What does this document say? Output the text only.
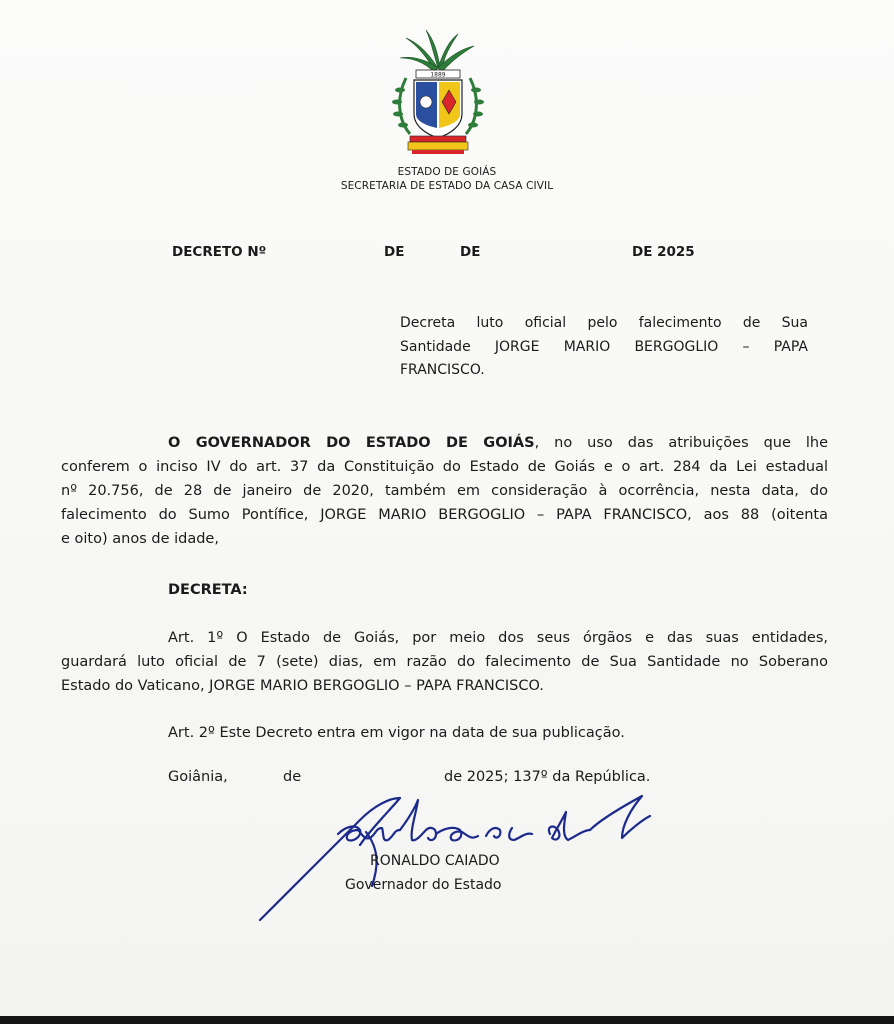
1889
ESTADO DE GOIÁS
SECRETARIA DE ESTADO DA CASA CIVIL
DECRETO Nº	DE	DE	DE 2025
Decreta luto oficial pelo falecimento de Sua
Santidade JORGE MARIO BERGOGLIO – PAPA
FRANCISCO.
O GOVERNADOR DO ESTADO DE GOIÁS, no uso das atribuições que lhe
conferem o inciso IV do art. 37 da Constituição do Estado de Goiás e o art. 284 da Lei estadual
nº 20.756, de 28 de janeiro de 2020, também em consideração à ocorrência, nesta data, do
falecimento do Sumo Pontífice, JORGE MARIO BERGOGLIO – PAPA FRANCISCO, aos 88 (oitenta
e oito) anos de idade,
DECRETA:
Art. 1º O Estado de Goiás, por meio dos seus órgãos e das suas entidades,
guardará luto oficial de 7 (sete) dias, em razão do falecimento de Sua Santidade no Soberano
Estado do Vaticano, JORGE MARIO BERGOGLIO – PAPA FRANCISCO.
Art. 2º Este Decreto entra em vigor na data de sua publicação.
Goiânia,	de	de 2025; 137º da República.
RONALDO CAIADO
Governador do Estado
